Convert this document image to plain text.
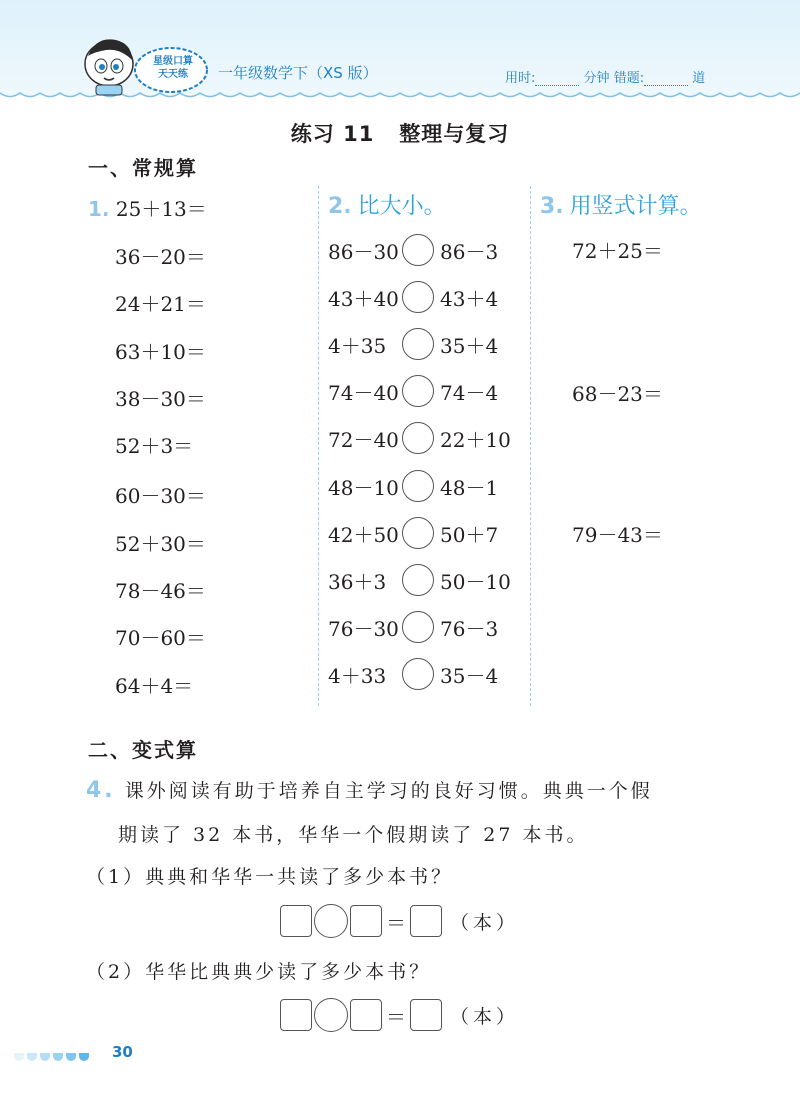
星级口算
天天练	一年级数学下（XS 版）	用时:	分钟 错题:	道
练习 11   整理与复习
一、常规算
1. 25＋13＝
36－20＝
24＋21＝
63＋10＝
38－30＝
52＋3＝
60－30＝
52＋30＝
78－46＝
70－60＝
64＋4＝
2. 比大小。
86－30 86－3
43＋40 43＋4
4＋35	35＋4
74－40 74－4
72－40 22＋10
48－10 48－1
42＋50 50＋7
36＋3	50－10
76－30 76－3
4＋33	35－4
3. 用竖式计算。
72＋25＝
68－23＝
79－43＝
二、变式算
4. 课外阅读有助于培养自主学习的良好习惯。典典一个假
期读了 32 本书，华华一个假期读了 27 本书。
（1）典典和华华一共读了多少本书？
＝ （本）
（2）华华比典典少读了多少本书？
＝ （本）
30
